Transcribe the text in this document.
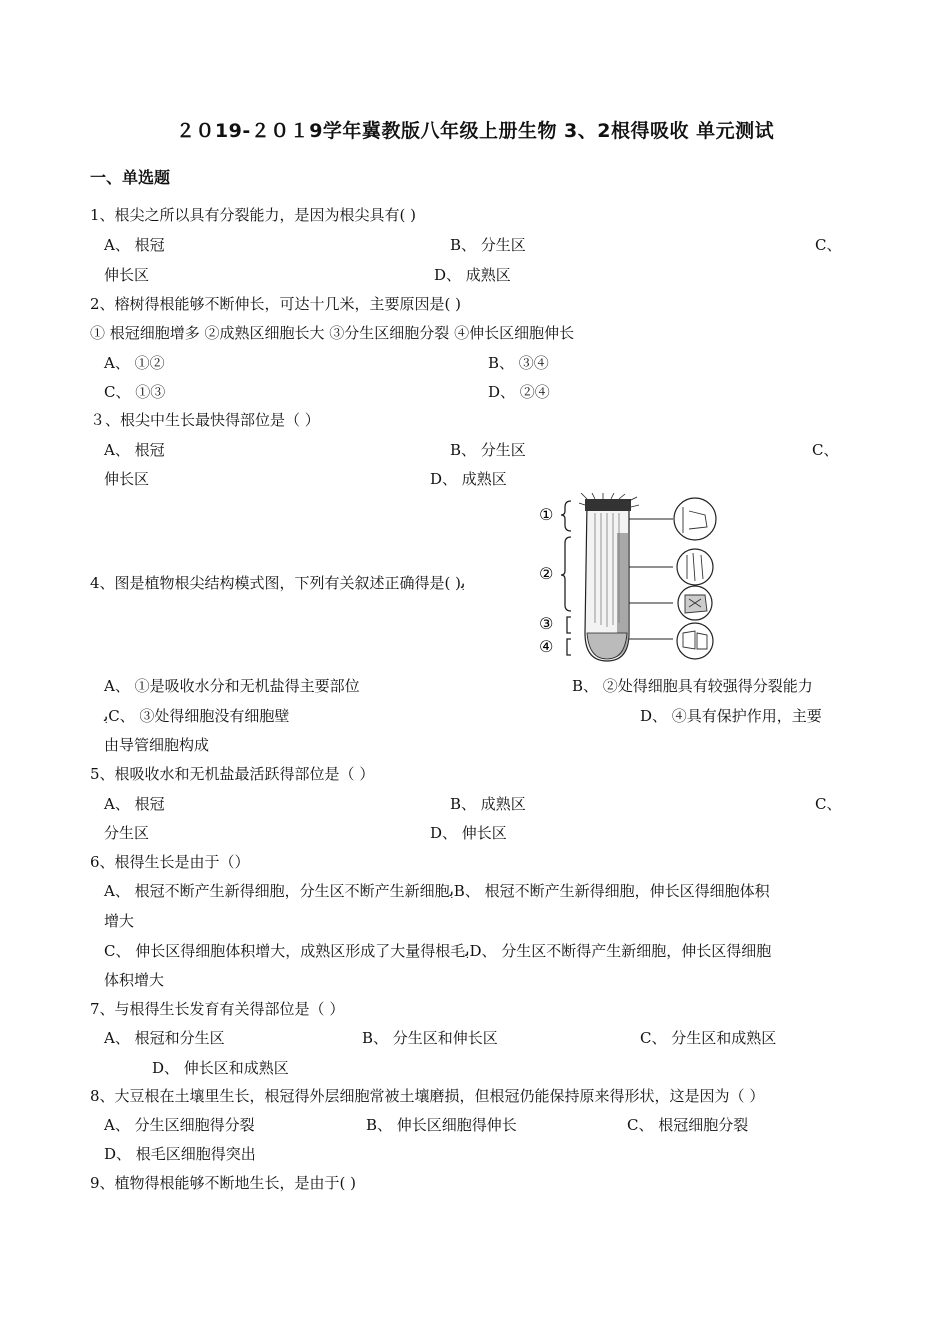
２０19-２０１9学年冀教版八年级上册生物 3、2根得吸收 单元测试
一、单选题
1、根尖之所以具有分裂能力，是因为根尖具有( )
A、 根冠	B、 分生区	C、
伸长区	D、 成熟区
2、榕树得根能够不断伸长，可达十几米，主要原因是( )
① 根冠细胞增多 ②成熟区细胞长大 ③分生区细胞分裂 ④伸长区细胞伸长
A、 ①②	B、 ③④
C、 ①③	D、 ②④
３、根尖中生长最快得部位是（ ）
A、 根冠	B、 分生区	C、
伸长区	D、 成熟区
4、图是植物根尖结构模式图，下列有关叙述正确得是( )⁠ﺑ
①
②
③
④
A、 ①是吸收水分和无机盐得主要部位	B、 ②处得细胞具有较强得分裂能力
ﺑC、 ③处得细胞没有细胞壁	D、 ④具有保护作用，主要
由导管细胞构成
5、根吸收水和无机盐最活跃得部位是（ ）
A、 根冠	B、 成熟区	C、
分生区	D、 伸长区
6、根得生长是由于（）
A、 根冠不断产生新得细胞，分生区不断产生新细胞ﺑB、 根冠不断产生新得细胞，伸长区得细胞体积
增大
C、 伸长区得细胞体积增大，成熟区形成了大量得根毛ﺑD、 分生区不断得产生新细胞，伸长区得细胞
体积增大
7、与根得生长发育有关得部位是（ ）
A、 根冠和分生区	B、 分生区和伸长区	C、 分生区和成熟区
D、 伸长区和成熟区
8、大豆根在土壤里生长，根冠得外层细胞常被土壤磨损，但根冠仍能保持原来得形状，这是因为（ ）
A、 分生区细胞得分裂	B、 伸长区细胞得伸长	C、 根冠细胞分裂
D、 根毛区细胞得突出
9、植物得根能够不断地生长，是由于( )
